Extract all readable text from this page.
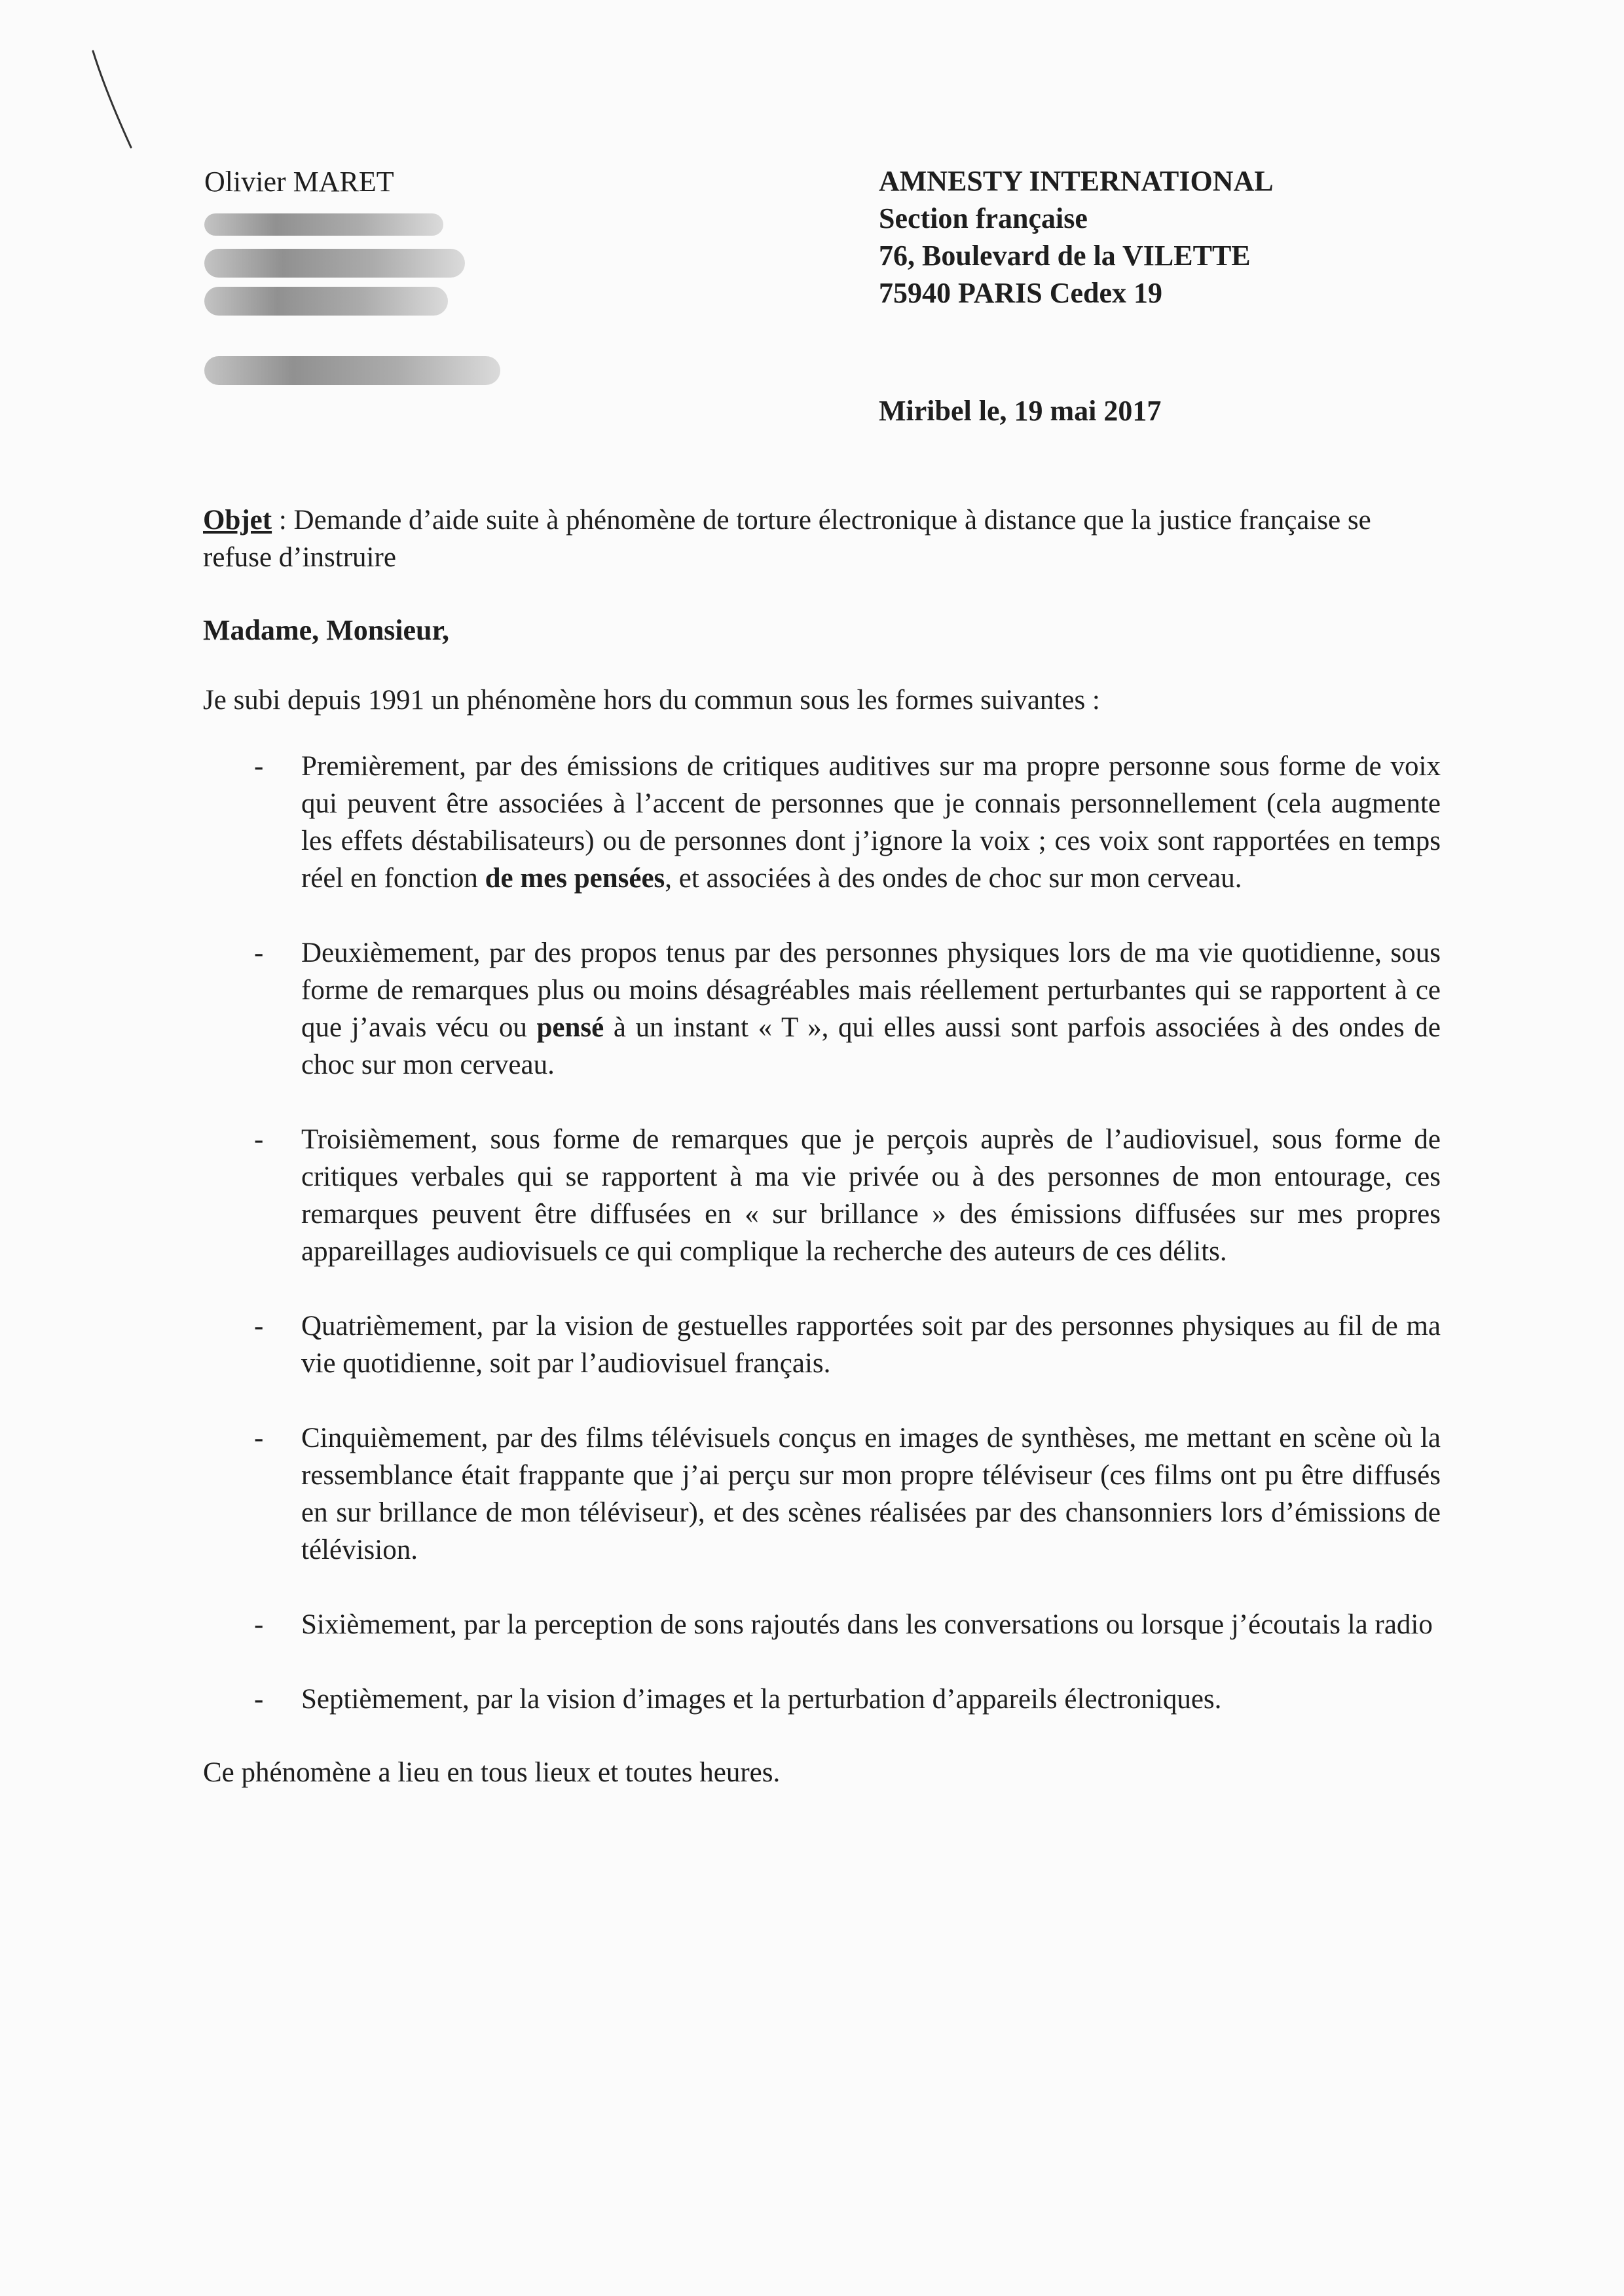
Olivier MARET	AMNESTY INTERNATIONAL
Section française
76, Boulevard de la VILETTE
75940 PARIS Cedex 19
Miribel le, 19 mai 2017
Objet : Demande d’aide suite à phénomène de torture électronique à distance que la justice française se refuse d’instruire
Madame, Monsieur,
Je subi depuis 1991 un phénomène hors du commun sous les formes suivantes :
- Premièrement, par des émissions de critiques auditives sur ma propre personne sous forme de voix qui peuvent être associées à l’accent de personnes que je connais personnellement (cela augmente les effets déstabilisateurs) ou de personnes dont j’ignore la voix ; ces voix sont rapportées en temps réel en fonction de mes pensées, et associées à des ondes de choc sur mon cerveau.
- Deuxièmement, par des propos tenus par des personnes physiques lors de ma vie quotidienne, sous forme de remarques plus ou moins désagréables mais réellement perturbantes qui se rapportent à ce que j’avais vécu ou pensé à un instant « T », qui elles aussi sont parfois associées à des ondes de choc sur mon cerveau.
- Troisièmement, sous forme de remarques que je perçois auprès de l’audiovisuel, sous forme de critiques verbales qui se rapportent à ma vie privée ou à des personnes de mon entourage, ces remarques peuvent être diffusées en « sur brillance » des émissions diffusées sur mes propres appareillages audiovisuels ce qui complique la recherche des auteurs de ces délits.
- Quatrièmement, par la vision de gestuelles rapportées soit par des personnes physiques au fil de ma vie quotidienne, soit par l’audiovisuel français.
- Cinquièmement, par des films télévisuels conçus en images de synthèses, me mettant en scène où la ressemblance était frappante que j’ai perçu sur mon propre téléviseur (ces films ont pu être diffusés en sur brillance de mon téléviseur), et des scènes réalisées par des chansonniers lors d’émissions de télévision.
- Sixièmement, par la perception de sons rajoutés dans les conversations ou lorsque j’écoutais la radio
- Septièmement, par la vision d’images et la perturbation d’appareils électroniques.
Ce phénomène a lieu en tous lieux et toutes heures.
